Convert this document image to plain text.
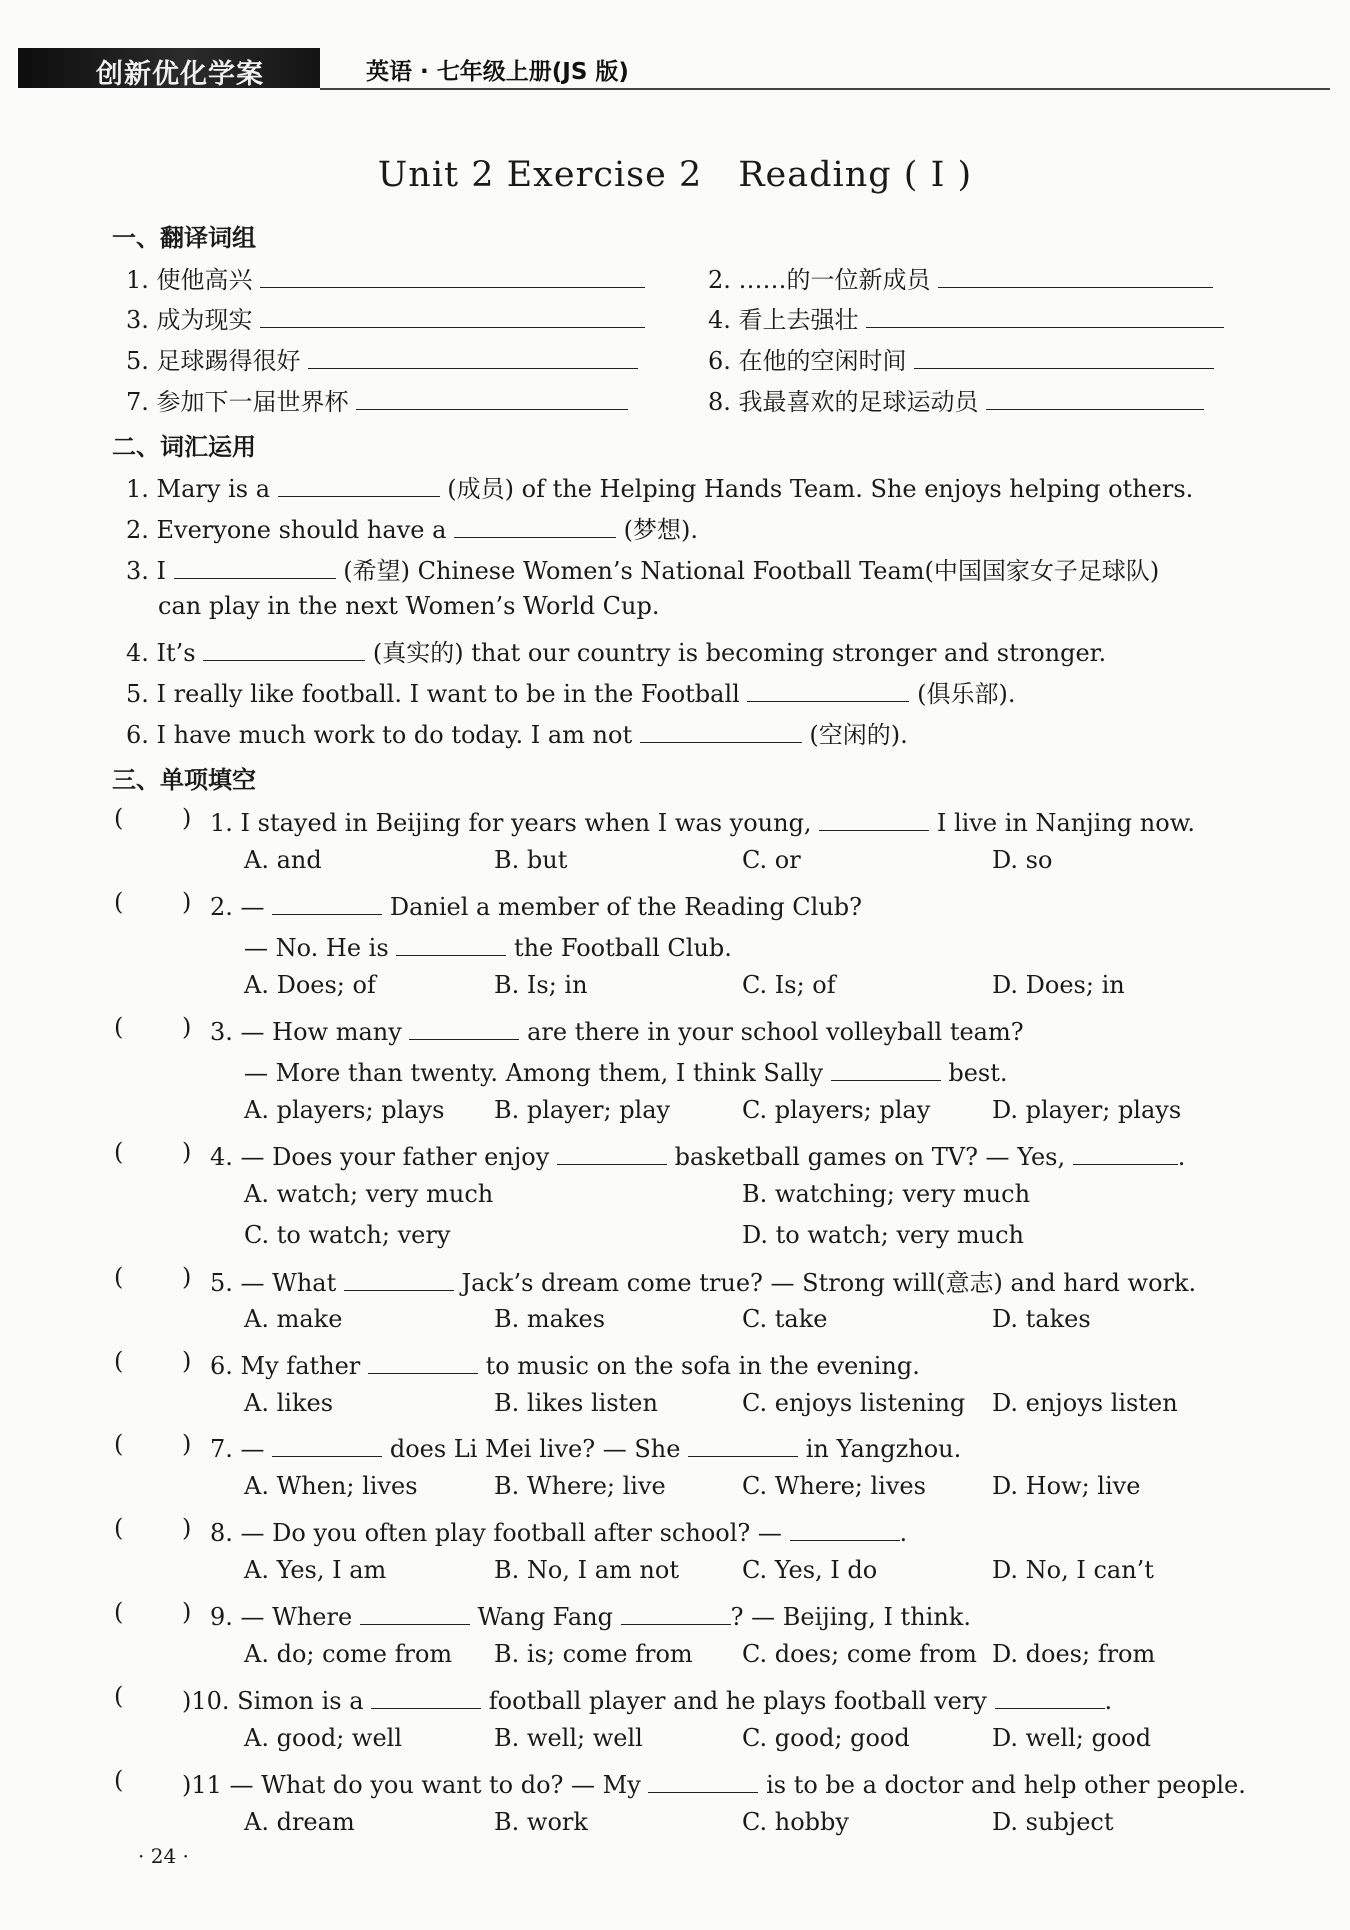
创新优化学案	英语 · 七年级上册(JS 版)
Unit 2 Exercise 2　Reading ( Ⅰ )
一、翻译词组
1. 使他高兴	2. ……的一位新成员
3. 成为现实	4. 看上去强壮
5. 足球踢得很好	6. 在他的空闲时间
7. 参加下一届世界杯	8. 我最喜欢的足球运动员
二、词汇运用
1. Mary is a	(成员) of the Helping Hands Team. She enjoys helping others.
2. Everyone should have a	(梦想).
3. I	(希望) Chinese Women’s National Football Team(中国国家女子足球队)
can play in the next Women’s World Cup.
4. It’s	(真实的) that our country is becoming stronger and stronger.
5. I really like football. I want to be in the Football	(俱乐部).
6. I have much work to do today. I am not	(空闲的).
三、单项填空
( ) 1. I stayed in Beijing for years when I was young,	I live in Nanjing now.
A. and	B. but	C. or	D. so
( ) 2. —	Daniel a member of the Reading Club?
— No. He is	the Football Club.
A. Does; of	B. Is; in	C. Is; of	D. Does; in
( ) 3. — How many	are there in your school volleyball team?
— More than twenty. Among them, I think Sally	best.
A. players; plays B. player; play	C. players; play	D. player; plays
( ) 4. — Does your father enjoy	basketball games on TV? — Yes,	.
A. watch; very much	B. watching; very much
C. to watch; very	D. to watch; very much
( ) 5. — What	Jack’s dream come true? — Strong will(意志) and hard work.
A. make	B. makes	C. take	D. takes
( ) 6. My father	to music on the sofa in the evening.
A. likes	B. likes listen	C. enjoys listening D. enjoys listen
( ) 7. —	does Li Mei live? — She	in Yangzhou.
A. When; lives	B. Where; live	C. Where; lives	D. How; live
( ) 8. — Do you often play football after school? —	.
A. Yes, I am	B. No, I am not	C. Yes, I do	D. No, I can’t
( ) 9. — Where	Wang Fang	? — Beijing, I think.
A. do; come from B. is; come from C. does; come from D. does; from
( )10. Simon is a	football player and he plays football very	.
A. good; well	B. well; well	C. good; good	D. well; good
( )11 — What do you want to do? — My	is to be a doctor and help other people.
A. dream	B. work	C. hobby	D. subject
· 24 ·
